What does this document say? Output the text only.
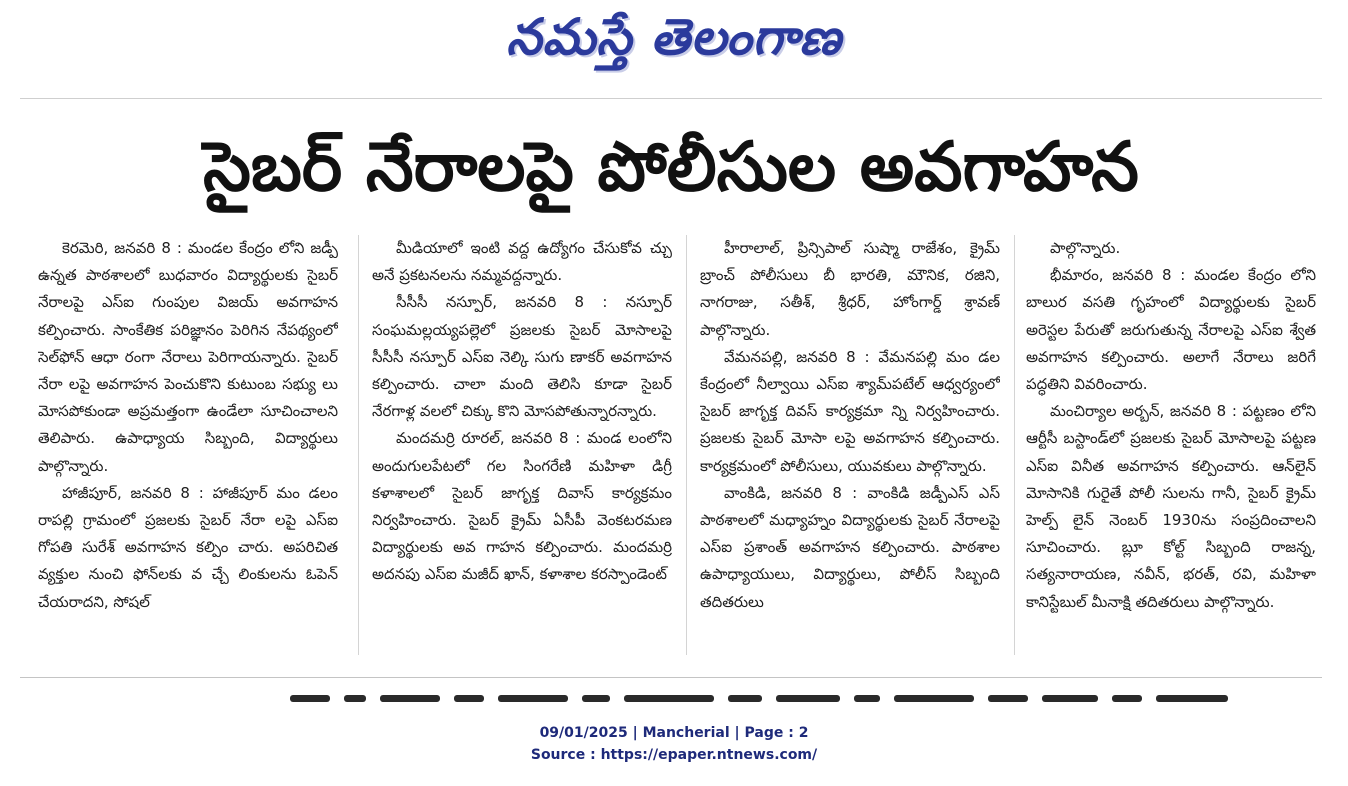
నమస్తే తెలంగాణ
సైబర్‌ నేరాలపై పోలీసుల అవగాహన

కెరమెరి, జనవరి 8 : మండల కేంద్రం లోని జడ్పీ ఉన్నత పాఠశాలలో బుధవారం విద్యార్థులకు సైబర్‌ నేరాలపై ఎస్‌ఐ గుంపుల విజయ్‌ అవగాహన కల్పించారు. సాంకేతిక పరిజ్ఞానం పెరిగిన నేపథ్యంలో సెల్‌ఫోన్‌ ఆధా రంగా నేరాలు పెరిగాయన్నారు. సైబర్‌ నేరా లపై అవగాహన పెంచుకొని కుటుంబ సభ్యు లు మోసపోకుండా అప్రమత్తంగా ఉండేలా సూచించాలని తెలిపారు. ఉపాధ్యాయ సిబ్బంది, విద్యార్థులు పాల్గొన్నారు.

హాజీపూర్‌, జనవరి 8 : హాజీపూర్‌ మం డలం రాపల్లి గ్రామంలో ప్రజలకు సైబర్‌ నేరా లపై ఎస్‌ఐ గోపతి సురేశ్‌ అవగాహన కల్పిం చారు. అపరిచిత వ్యక్తుల నుంచి ఫోన్‌లకు వ చ్చే లింకులను ఓపెన్‌ చేయరాదని, సోషల్‌

మీడియాలో ఇంటి వద్ద ఉద్యోగం చేసుకోవ చ్చు అనే ప్రకటనలను నమ్మవద్దన్నారు.

సీసీసీ నస్పూర్‌, జనవరి 8 : నస్పూర్‌ సంఘమల్లయ్యపల్లెలో ప్రజలకు సైబర్‌ మోసాలపై సీసీసీ నస్పూర్‌ ఎస్‌ఐ నెల్కి సుగు ణాకర్‌ అవగాహన కల్పించారు. చాలా మంది తెలిసి కూడా సైబర్‌ నేరగాళ్ల వలలో చిక్కు కొని మోసపోతున్నారన్నారు.

మందమర్రి రూరల్‌, జనవరి 8 : మండ లంలోని అందుగులపేటలో గల సింగరేణి మహిళా డిగ్రీ కళాశాలలో సైబర్‌ జాగృక్త దివాస్‌ కార్యక్రమం నిర్వహించారు. సైబర్‌ క్రైమ్‌ ఏసీపీ వెంకటరమణ విద్యార్థులకు అవ గాహన కల్పించారు. మందమర్రి అదనపు ఎస్‌ఐ మజీద్‌ ఖాన్‌, కళాశాల కరస్పాండెంట్‌

హీరాలాల్‌, ప్రిన్సిపాల్‌ సుష్మా రాజేశం, క్రైమ్‌ బ్రాంచ్‌ పోలీసులు బీ భారతి, మౌనిక, రజిని, నాగరాజు, సతీశ్‌, శ్రీధర్‌, హోంగార్డ్‌ శ్రావణ్‌ పాల్గొన్నారు.

వేమనపల్లి, జనవరి 8 : వేమనపల్లి మం డల కేంద్రంలో నీల్వాయి ఎస్‌ఐ శ్యామ్‌పటేల్‌ ఆధ్వర్యంలో సైబర్‌ జాగృక్త దివస్‌ కార్యక్రమా న్ని నిర్వహించారు. ప్రజలకు సైబర్‌ మోసా లపై అవగాహన కల్పించారు. కార్యక్రమంలో పోలీసులు, యువకులు పాల్గొన్నారు.

వాంకిడి, జనవరి 8 : వాంకిడి జడ్పీఎస్‌ ఎస్‌ పాఠశాలలో మధ్యాహ్నం విద్యార్థులకు సైబర్‌ నేరాలపై ఎస్‌ఐ ప్రశాంత్‌ అవగాహన కల్పించారు. పాఠశాల ఉపాధ్యాయులు, విద్యార్థులు, పోలీస్‌ సిబ్బంది తదితరులు

పాల్గొన్నారు.

భీమారం, జనవరి 8 : మండల కేంద్రం లోని బాలుర వసతి గృహంలో విద్యార్థులకు సైబర్‌ అరెస్టల పేరుతో జరుగుతున్న నేరాలపై ఎస్‌ఐ శ్వేత అవగాహన కల్పించారు. అలాగే నేరాలు జరిగే పద్ధతిని వివరించారు.

మంచిర్యాల అర్బన్‌, జనవరి 8 : పట్టణం లోని ఆర్టీసీ బస్టాండ్‌లో ప్రజలకు సైబర్‌ మోసాలపై పట్టణ ఎస్‌ఐ వినీత అవగాహన కల్పించారు. ఆన్‌లైన్‌ మోసానికి గురైతే పోలీ సులను గానీ, సైబర్‌ క్రైమ్‌ హెల్ప్‌ లైన్‌ నెంబర్‌ 1930ను సంప్రదించాలని సూచించారు. బ్లూ కోల్ట్‌ సిబ్బంది రాజన్న, సత్యనారాయణ, నవీన్‌, భరత్‌, రవి, మహిళా కానిస్టేబుల్‌ మీనాక్షి తదితరులు పాల్గొన్నారు.

09/01/2025 | Mancherial | Page : 2
Source : https://epaper.ntnews.com/
